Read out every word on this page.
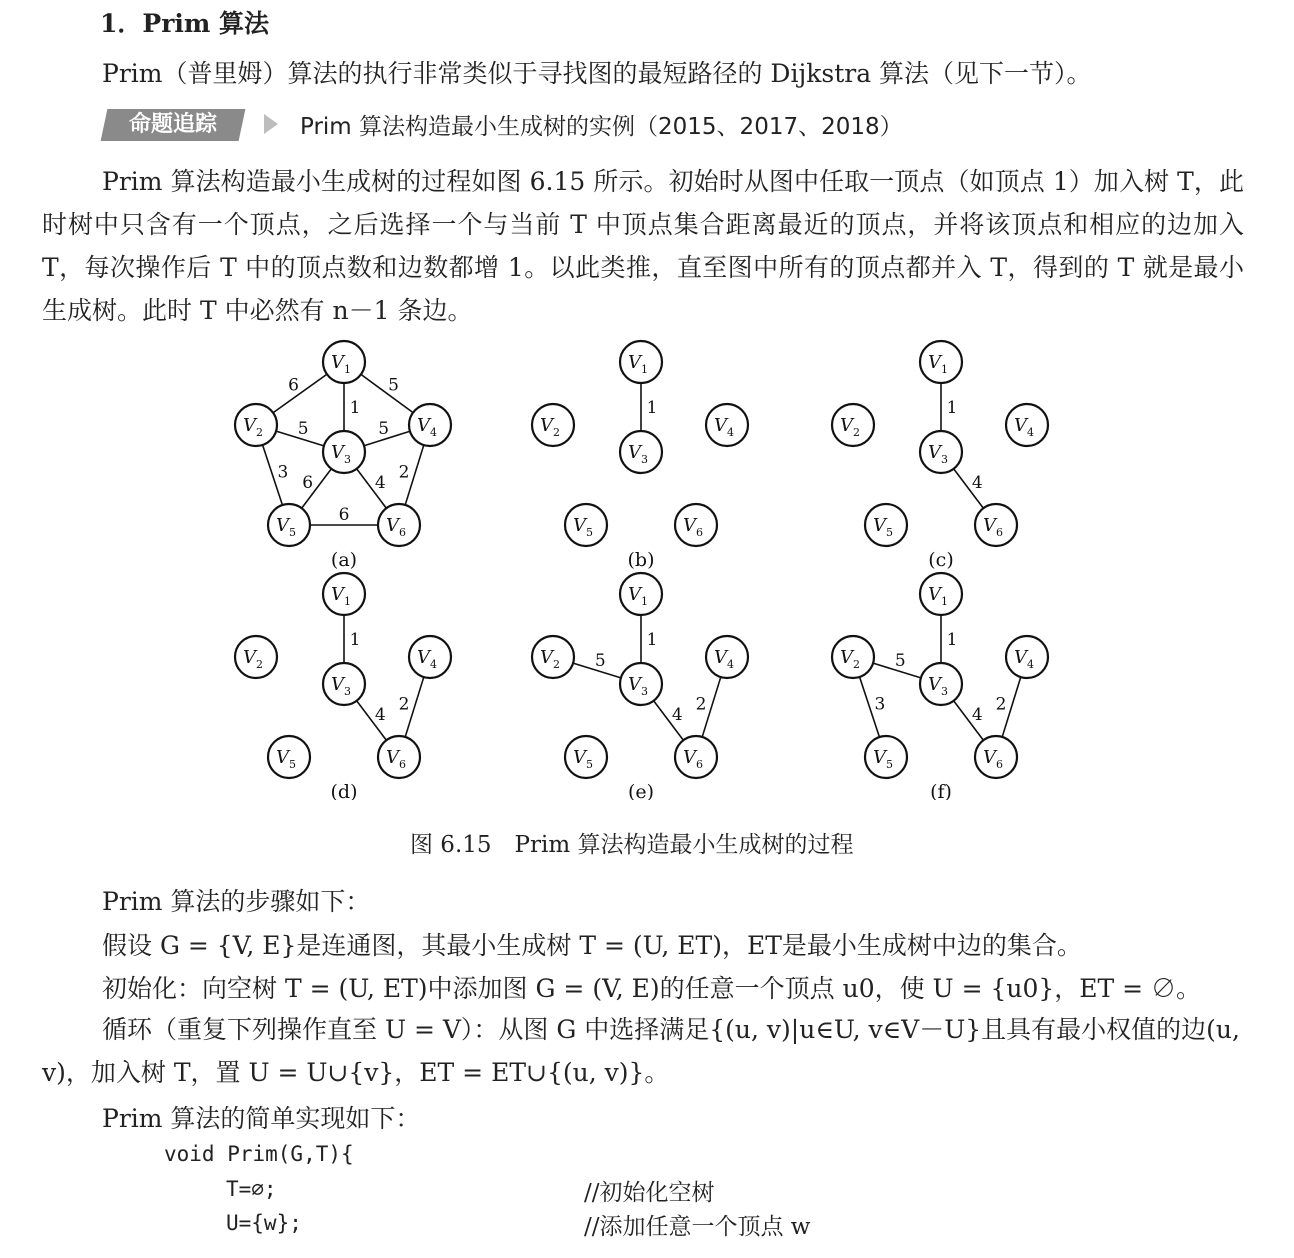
1．Prim 算法
Prim（普里姆）算法的执行非常类似于寻找图的最短路径的 Dijkstra 算法（见下一节）。
命题追踪	Prim 算法构造最小生成树的实例（2015、2017、2018）
Prim 算法构造最小生成树的过程如图 6.15 所示。初始时从图中任取一顶点（如顶点 1）加入树 T，此时树中只含有一个顶点，之后选择一个与当前 T 中顶点集合距离最近的顶点，并将该顶点和相应的边加入 T，每次操作后 T 中的顶点数和边数都增 1。以此类推，直至图中所有的顶点都并入 T，得到的 T 就是最小生成树。此时 T 中必然有 n－1 条边。
6
1
5
5	5
3
6	4
2
6
$V_1$
$V_2$
$V_3$
$V_4$
$V_5$	$V_6$
(a)
1
$V_1$
$V_2$
$V_3$
$V_4$
$V_5$	$V_6$
(b)
1
4
$V_1$
$V_2$
$V_3$
$V_4$
$V_5$	$V_6$
(c)
1
4
2
$V_1$
$V_2$
$V_3$
$V_4$
$V_5$	$V_6$
(d)
1
4
2
5
$V_1$
$V_2$
$V_3$
$V_4$
$V_5$	$V_6$
(e)
1
4
2
5
3
$V_1$
$V_2$
$V_3$
$V_4$
$V_5$	$V_6$
(f)
图 6.15　Prim 算法构造最小生成树的过程
Prim 算法的步骤如下：
假设 G = {V, E}是连通图，其最小生成树 T = (U, ET)，ET是最小生成树中边的集合。
初始化：向空树 T = (U, ET)中添加图 G = (V, E)的任意一个顶点 u0，使 U = {u0}，ET = ∅。
循环（重复下列操作直至 U = V）：从图 G 中选择满足{(u, v)|u∈U, v∈V－U}且具有最小权值的边(u, v)，加入树 T，置 U = U∪{v}，ET = ET∪{(u, v)}。
Prim 算法的简单实现如下：
void Prim(G,T){
T=∅;	//初始化空树
U={w};	//添加任意一个顶点 w
